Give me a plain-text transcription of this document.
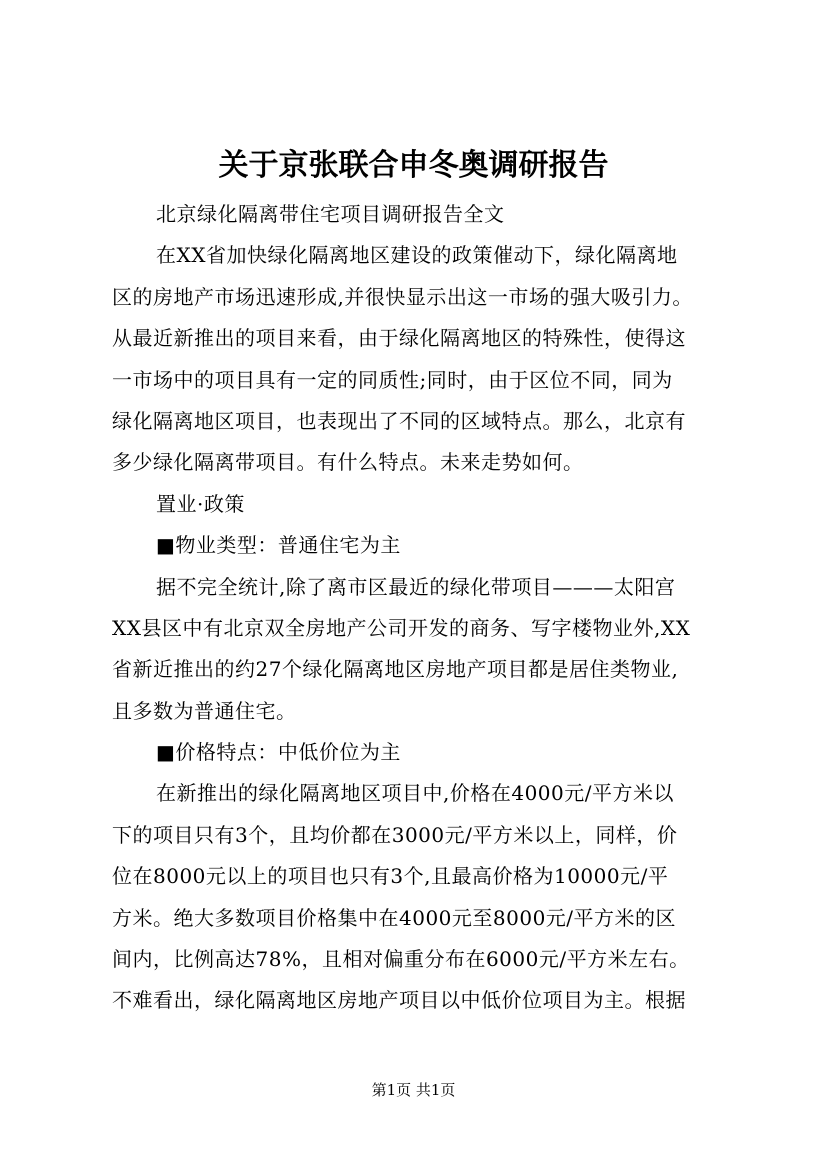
关于京张联合申冬奥调研报告
北京绿化隔离带住宅项目调研报告全文
在XX省加快绿化隔离地区建设的政策催动下，绿化隔离地
区的房地产市场迅速形成,并很快显示出这一市场的强大吸引力。
从最近新推出的项目来看，由于绿化隔离地区的特殊性，使得这
一市场中的项目具有一定的同质性;同时，由于区位不同，同为
绿化隔离地区项目，也表现出了不同的区域特点。那么，北京有
多少绿化隔离带项目。有什么特点。未来走势如何。
置业·政策
■物业类型：普通住宅为主
据不完全统计,除了离市区最近的绿化带项目———太阳宫
XX县区中有北京双全房地产公司开发的商务、写字楼物业外,XX
省新近推出的约27个绿化隔离地区房地产项目都是居住类物业,
且多数为普通住宅。
■价格特点：中低价位为主
在新推出的绿化隔离地区项目中,价格在4000元/平方米以
下的项目只有3个，且均价都在3000元/平方米以上，同样，价
位在8000元以上的项目也只有3个,且最高价格为10000元/平
方米。绝大多数项目价格集中在4000元至8000元/平方米的区
间内，比例高达78%，且相对偏重分布在6000元/平方米左右。
不难看出，绿化隔离地区房地产项目以中低价位项目为主。根据
第1页 共1页
